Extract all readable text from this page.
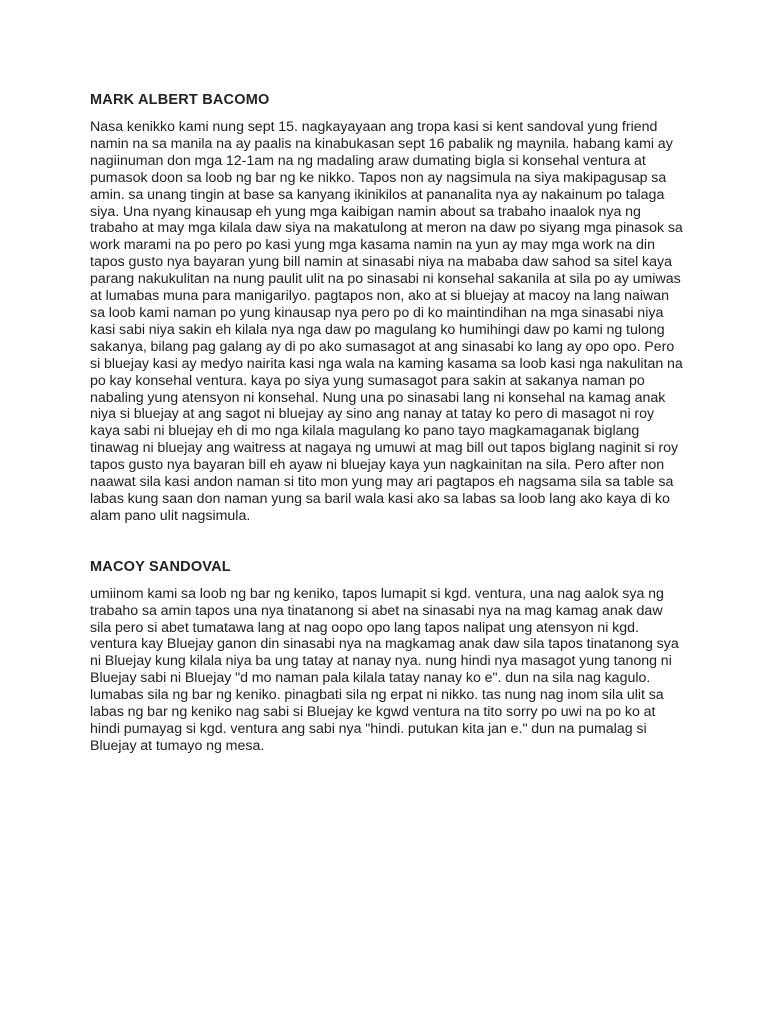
MARK ALBERT BACOMO

Nasa kenikko kami nung sept 15. nagkayayaan ang tropa kasi si kent sandoval yung friend namin na sa manila na ay paalis na kinabukasan sept 16 pabalik ng maynila. habang kami ay nagiinuman don mga 12-1am na ng madaling araw dumating bigla si konsehal ventura at pumasok doon sa loob ng bar ng ke nikko. Tapos non ay nagsimula na siya makipagusap sa amin. sa unang tingin at base sa kanyang ikinikilos at pananalita nya ay nakainum po talaga siya. Una nyang kinausap eh yung mga kaibigan namin about sa trabaho inaalok nya ng trabaho at may mga kilala daw siya na makatulong at meron na daw po siyang mga pinasok sa work marami na po pero po kasi yung mga kasama namin na yun ay may mga work na din tapos gusto nya bayaran yung bill namin at sinasabi niya na mababa daw sahod sa sitel kaya parang nakukulitan na nung paulit ulit na po sinasabi ni konsehal sakanila at sila po ay umiwas at lumabas muna para manigarilyo. pagtapos non, ako at si bluejay at macoy na lang naiwan sa loob kami naman po yung kinausap nya pero po di ko maintindihan na mga sinasabi niya kasi sabi niya sakin eh kilala nya nga daw po magulang ko humihingi daw po kami ng tulong sakanya, bilang pag galang ay di po ako sumasagot at ang sinasabi ko lang ay opo opo. Pero si bluejay kasi ay medyo nairita kasi nga wala na kaming kasama sa loob kasi nga nakulitan na po kay konsehal ventura. kaya po siya yung sumasagot para sakin at sakanya naman po nabaling yung atensyon ni konsehal. Nung una po sinasabi lang ni konsehal na kamag anak niya si bluejay at ang sagot ni bluejay ay sino ang nanay at tatay ko pero di masagot ni roy kaya sabi ni bluejay eh di mo nga kilala magulang ko pano tayo magkamaganak biglang tinawag ni bluejay ang waitress at nagaya ng umuwi at mag bill out tapos biglang naginit si roy tapos gusto nya bayaran bill eh ayaw ni bluejay kaya yun nagkainitan na sila. Pero after non naawat sila kasi andon naman si tito mon yung may ari pagtapos eh nagsama sila sa table sa labas kung saan don naman yung sa baril wala kasi ako sa labas sa loob lang ako kaya di ko alam pano ulit nagsimula.

MACOY SANDOVAL

umiinom kami sa loob ng bar ng keniko, tapos lumapit si kgd. ventura, una nag aalok sya ng trabaho sa amin tapos una nya tinatanong si abet na sinasabi nya na mag kamag anak daw sila pero si abet tumatawa lang at nag oopo opo lang tapos nalipat ung atensyon ni kgd. ventura kay Bluejay ganon din sinasabi nya na magkamag anak daw sila tapos tinatanong sya ni Bluejay kung kilala niya ba ung tatay at nanay nya. nung hindi nya masagot yung tanong ni Bluejay sabi ni Bluejay "d mo naman pala kilala tatay nanay ko e". dun na sila nag kagulo. lumabas sila ng bar ng keniko. pinagbati sila ng erpat ni nikko. tas nung nag inom sila ulit sa labas ng bar ng keniko nag sabi si Bluejay ke kgwd ventura na tito sorry po uwi na po ko at hindi pumayag si kgd. ventura ang sabi nya "hindi. putukan kita jan e." dun na pumalag si Bluejay at tumayo ng mesa.
